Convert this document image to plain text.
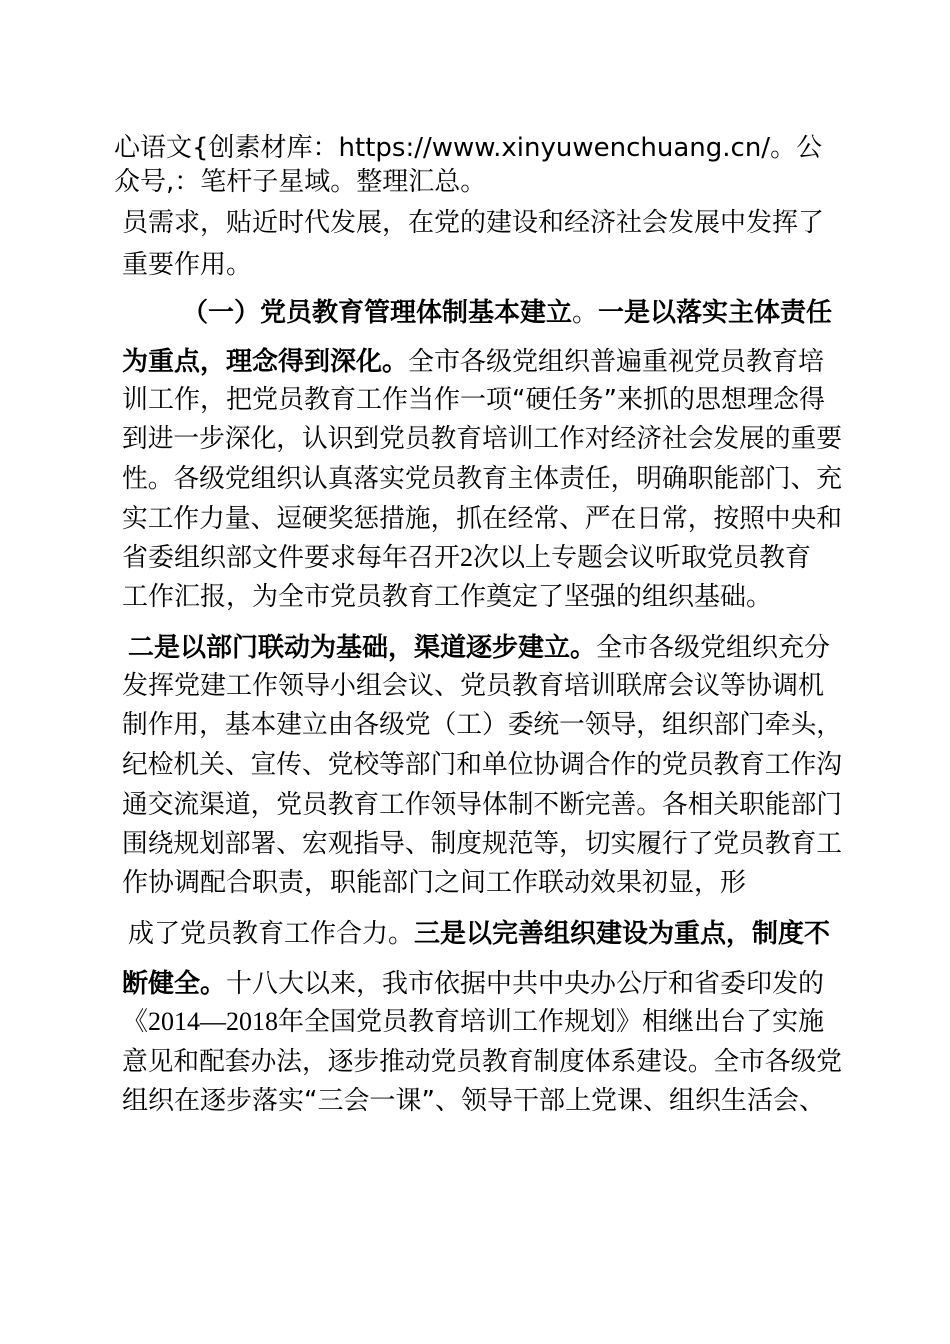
心语文{创素材库：https://www.xinyuwenchuang.cn/。公
众号,：笔杆子星域。整理汇总。
员需求，贴近时代发展，在党的建设和经济社会发展中发挥了
重要作用。
（一）党员教育管理体制基本建立。一是以落实主体责任
为重点，理念得到深化。全市各级党组织普遍重视党员教育培
训工作，把党员教育工作当作一项“硬任务”来抓的思想理念得
到进一步深化，认识到党员教育培训工作对经济社会发展的重要
性。各级党组织认真落实党员教育主体责任，明确职能部门、充
实工作力量、逗硬奖惩措施，抓在经常、严在日常，按照中央和
省委组织部文件要求每年召开2次以上专题会议听取党员教育
工作汇报，为全市党员教育工作奠定了坚强的组织基础。
二是以部门联动为基础，渠道逐步建立。全市各级党组织充分
发挥党建工作领导小组会议、党员教育培训联席会议等协调机
制作用，基本建立由各级党（工）委统一领导，组织部门牵头，
纪检机关、宣传、党校等部门和单位协调合作的党员教育工作沟
通交流渠道，党员教育工作领导体制不断完善。各相关职能部门
围绕规划部署、宏观指导、制度规范等，切实履行了党员教育工
作协调配合职责，职能部门之间工作联动效果初显，形
成了党员教育工作合力。三是以完善组织建设为重点，制度不
断健全。十八大以来，我市依据中共中央办公厅和省委印发的
《2014—2018年全国党员教育培训工作规划》相继出台了实施
意见和配套办法，逐步推动党员教育制度体系建设。全市各级党
组织在逐步落实“三会一课”、领导干部上党课、组织生活会、
